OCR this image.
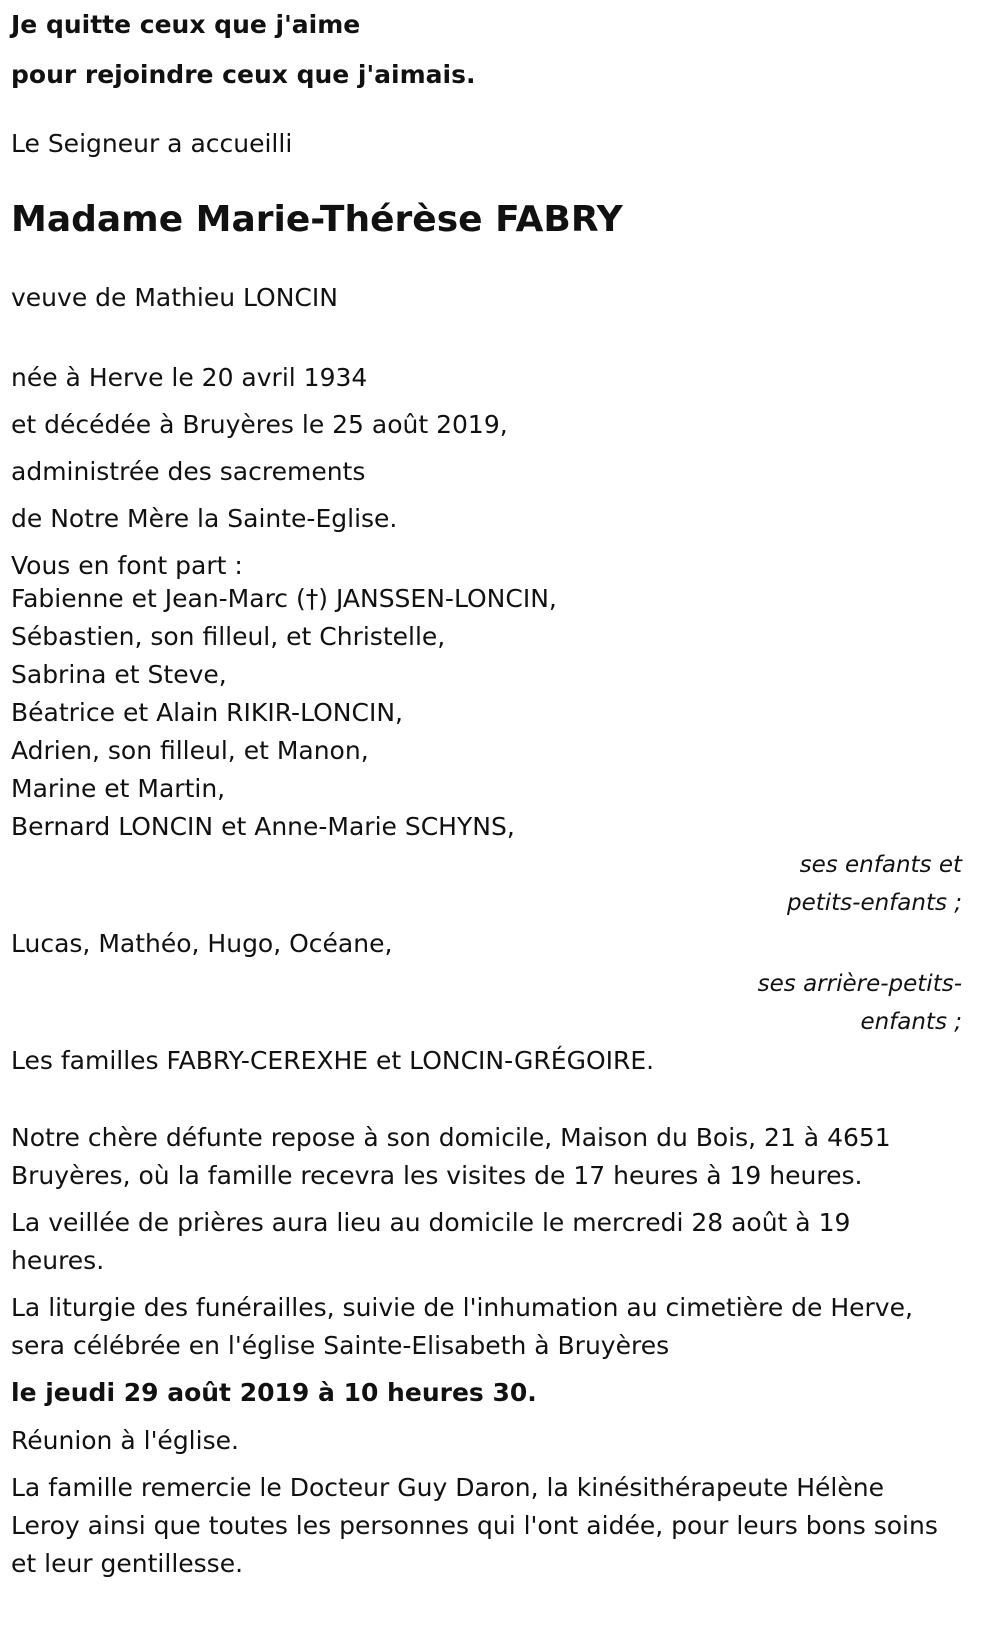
Je quitte ceux que j'aime
pour rejoindre ceux que j'aimais.
Le Seigneur a accueilli
Madame Marie-Thérèse FABRY
veuve de Mathieu LONCIN
née à Herve le 20 avril 1934
et décédée à Bruyères le 25 août 2019,
administrée des sacrements
de Notre Mère la Sainte-Eglise.
Vous en font part :
Fabienne et Jean-Marc (†) JANSSEN-LONCIN,
Sébastien, son filleul, et Christelle,
Sabrina et Steve,
Béatrice et Alain RIKIR-LONCIN,
Adrien, son filleul, et Manon,
Marine et Martin,
Bernard LONCIN et Anne-Marie SCHYNS,
ses enfants et
petits-enfants ;
Lucas, Mathéo, Hugo, Océane,
ses arrière-petits-
enfants ;
Les familles FABRY-CEREXHE et LONCIN-GRÉGOIRE.
Notre chère défunte repose à son domicile, Maison du Bois, 21 à 4651 Bruyères, où la famille recevra les visites de 17 heures à 19 heures.
La veillée de prières aura lieu au domicile le mercredi 28 août à 19 heures.
La liturgie des funérailles, suivie de l'inhumation au cimetière de Herve, sera célébrée en l'église Sainte-Elisabeth à Bruyères
le jeudi 29 août 2019 à 10 heures 30.
Réunion à l'église.
La famille remercie le Docteur Guy Daron, la kinésithérapeute Hélène Leroy ainsi que toutes les personnes qui l'ont aidée, pour leurs bons soins et leur gentillesse.
